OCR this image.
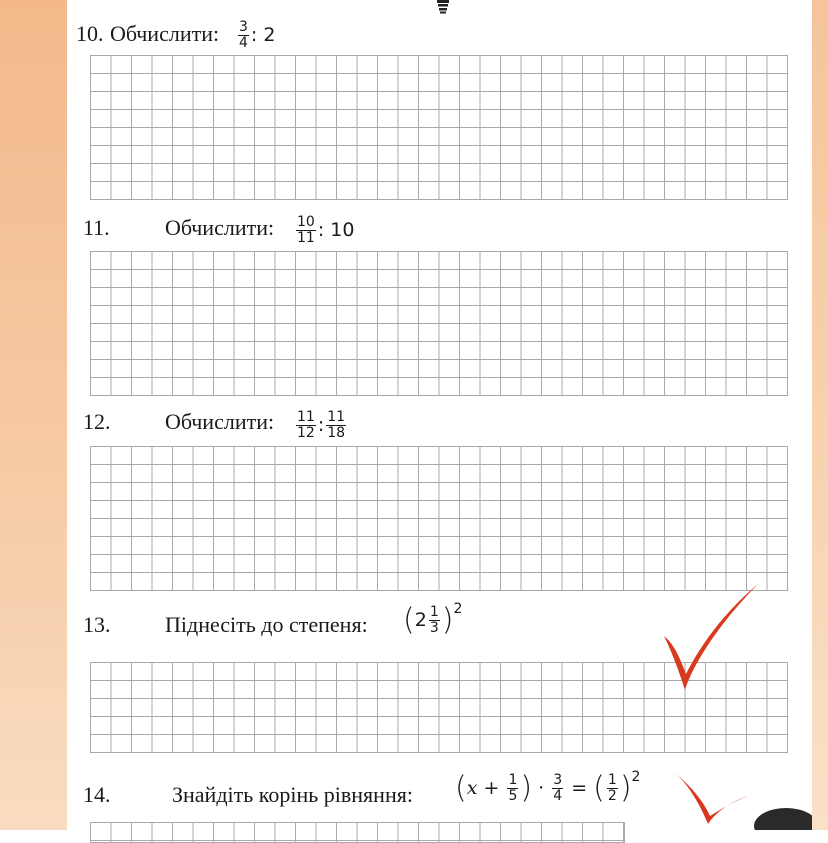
10. Обчислити: $\frac{3}{4}$ : 2
11.	Обчислити: $\frac{10}{11}$ : 10
12. Обчислити: $\frac{11}{12}$ : $\frac{11}{18}$
13. Піднесіть до степеня: $(2 \frac{1}{3} )^2$
14.	Знайдіть корінь рівняння: ($x + \frac{1}{5}$ ) · $\frac{3}{4}$ = ( $\frac{1}{2} )^2$
